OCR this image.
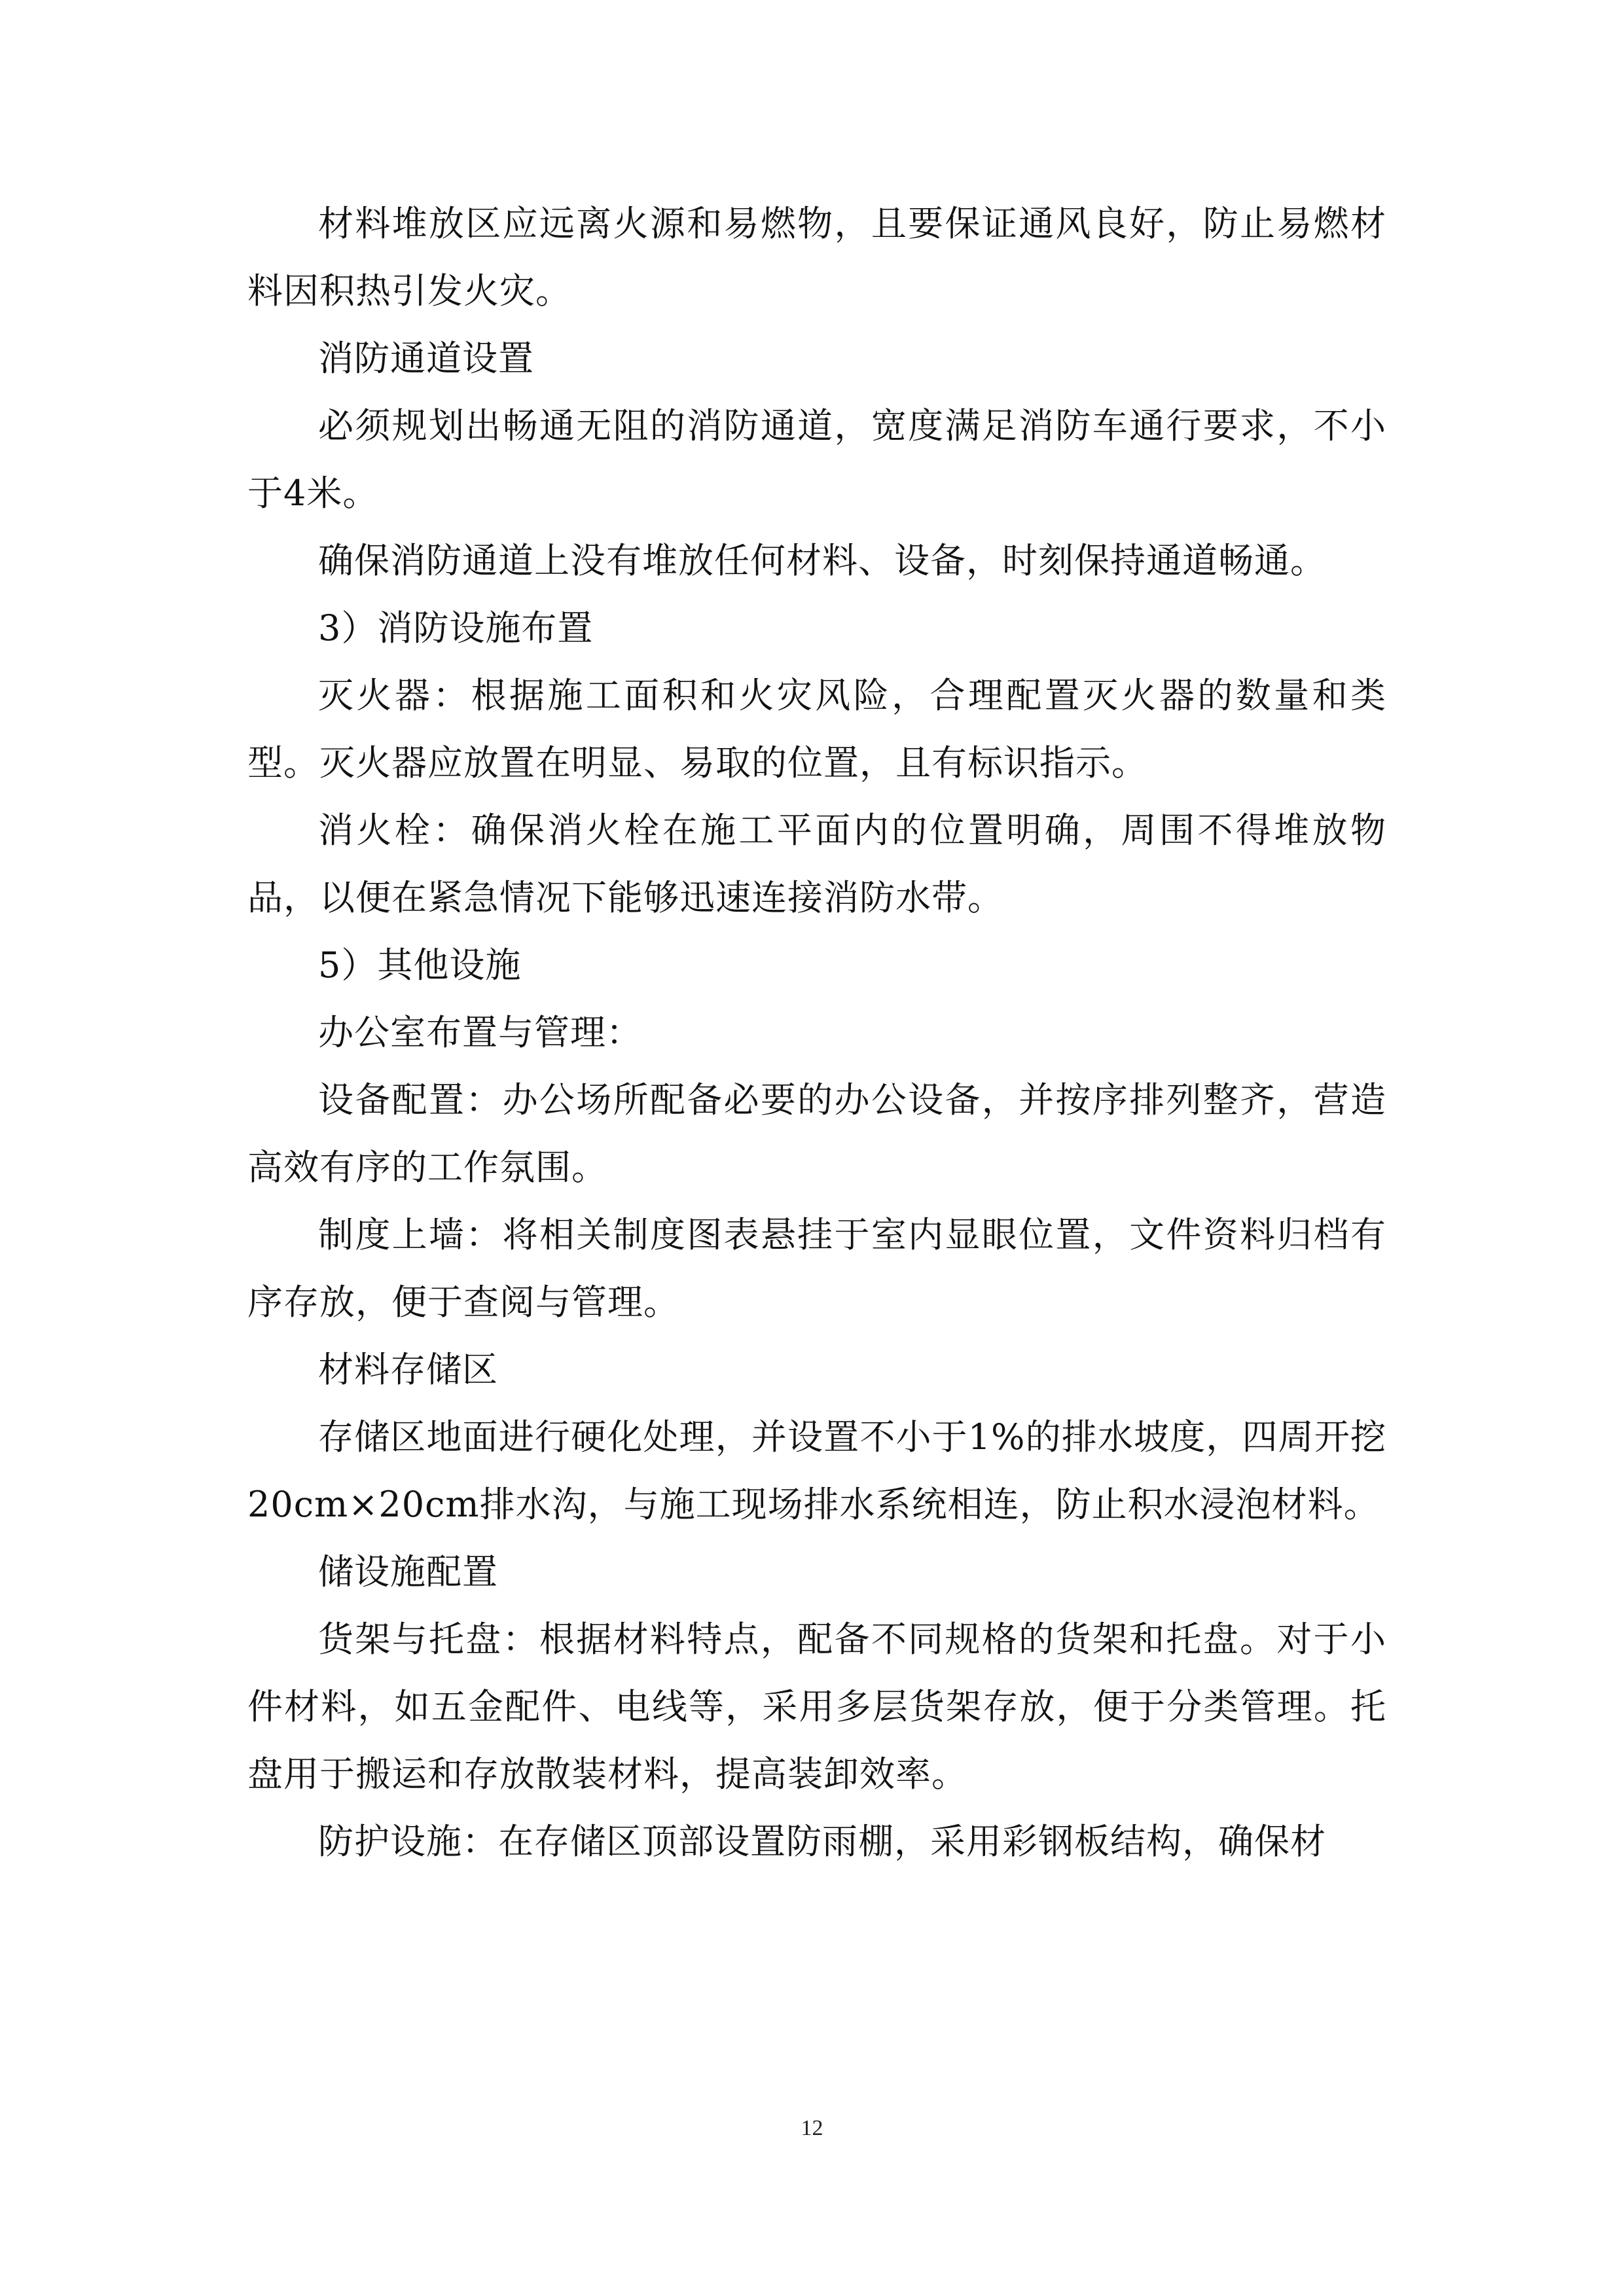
材料堆放区应远离火源和易燃物，且要保证通风良好，防止易燃材料因积热引发火灾。

消防通道设置

必须规划出畅通无阻的消防通道，宽度满足消防车通行要求，不小于4米。

确保消防通道上没有堆放任何材料、设备，时刻保持通道畅通。

3）消防设施布置

灭火器：根据施工面积和火灾风险，合理配置灭火器的数量和类型。灭火器应放置在明显、易取的位置，且有标识指示。

消火栓：确保消火栓在施工平面内的位置明确，周围不得堆放物品，以便在紧急情况下能够迅速连接消防水带。

5）其他设施

办公室布置与管理：

设备配置：办公场所配备必要的办公设备，并按序排列整齐，营造高效有序的工作氛围。

制度上墙：将相关制度图表悬挂于室内显眼位置，文件资料归档有序存放，便于查阅与管理。

材料存储区

存储区地面进行硬化处理，并设置不小于1%的排水坡度，四周开挖20cm×20cm排水沟，与施工现场排水系统相连，防止积水浸泡材料。

储设施配置

货架与托盘：根据材料特点，配备不同规格的货架和托盘。对于小件材料，如五金配件、电线等，采用多层货架存放，便于分类管理。托盘用于搬运和存放散装材料，提高装卸效率。

防护设施：在存储区顶部设置防雨棚，采用彩钢板结构，确保材

12
